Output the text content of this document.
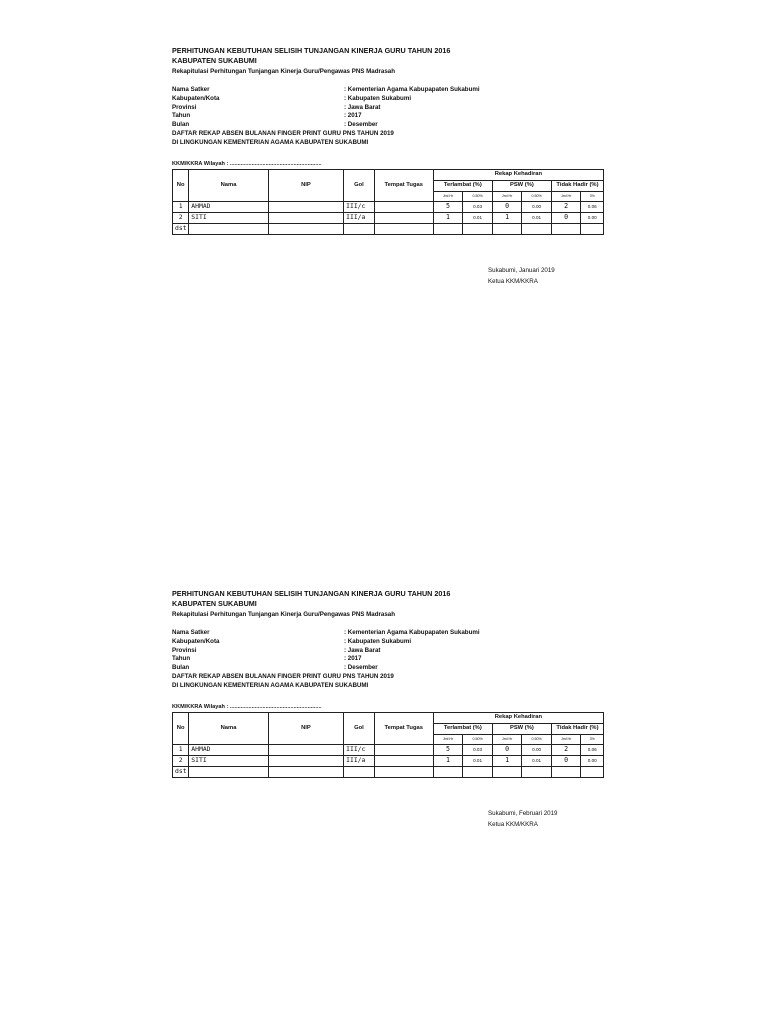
PERHITUNGAN KEBUTUHAN SELISIH TUNJANGAN KINERJA GURU TAHUN 2016
KABUPATEN SUKABUMI
Rekapitulasi Perhitungan Tunjangan Kinerja Guru/Pengawas PNS Madrasah
Nama Satker	: Kementerian Agama Kabupapaten Sukabumi
Kabupaten/Kota	: Kabupaten Sukabumi
Provinsi	: Jawa Barat
Tahun	: 2017
Bulan	: Desember
DAFTAR REKAP ABSEN BULANAN FINGER PRINT GURU PNS TAHUN 2019
DI LINGKUNGAN KEMENTERIAN AGAMA KABUPATEN SUKABUMI
KKM/KKRA Wilayah : ...........................................................
No	Nama	NIP	Gol	Tempat Tugas	Rekap Kehadiran					
					Terlambat (%)		PSW (%)		Tidak Hadir (%)	
					Jml Hr	0.50%	Jml Hr	0.50%	Jml Hr	3%
1	AHMAD		III/c		5	0.03	0	0.00	2	0.06
2	SITI		III/a		1	0.01	1	0.01	0	0.00
dst										
Sukabumi, Januari 2019
Ketua KKM/KKRA
PERHITUNGAN KEBUTUHAN SELISIH TUNJANGAN KINERJA GURU TAHUN 2016
KABUPATEN SUKABUMI
Rekapitulasi Perhitungan Tunjangan Kinerja Guru/Pengawas PNS Madrasah
Nama Satker	: Kementerian Agama Kabupapaten Sukabumi
Kabupaten/Kota	: Kabupaten Sukabumi
Provinsi	: Jawa Barat
Tahun	: 2017
Bulan	: Desember
DAFTAR REKAP ABSEN BULANAN FINGER PRINT GURU PNS TAHUN 2019
DI LINGKUNGAN KEMENTERIAN AGAMA KABUPATEN SUKABUMI
KKM/KKRA Wilayah : ...........................................................
No	Nama	NIP	Gol	Tempat Tugas	Rekap Kehadiran					
					Terlambat (%)		PSW (%)		Tidak Hadir (%)	
					Jml Hr	0.50%	Jml Hr	0.50%	Jml Hr	3%
1	AHMAD		III/c		5	0.03	0	0.00	2	0.06
2	SITI		III/a		1	0.01	1	0.01	0	0.00
dst										
Sukabumi, Februari 2019
Ketua KKM/KKRA
